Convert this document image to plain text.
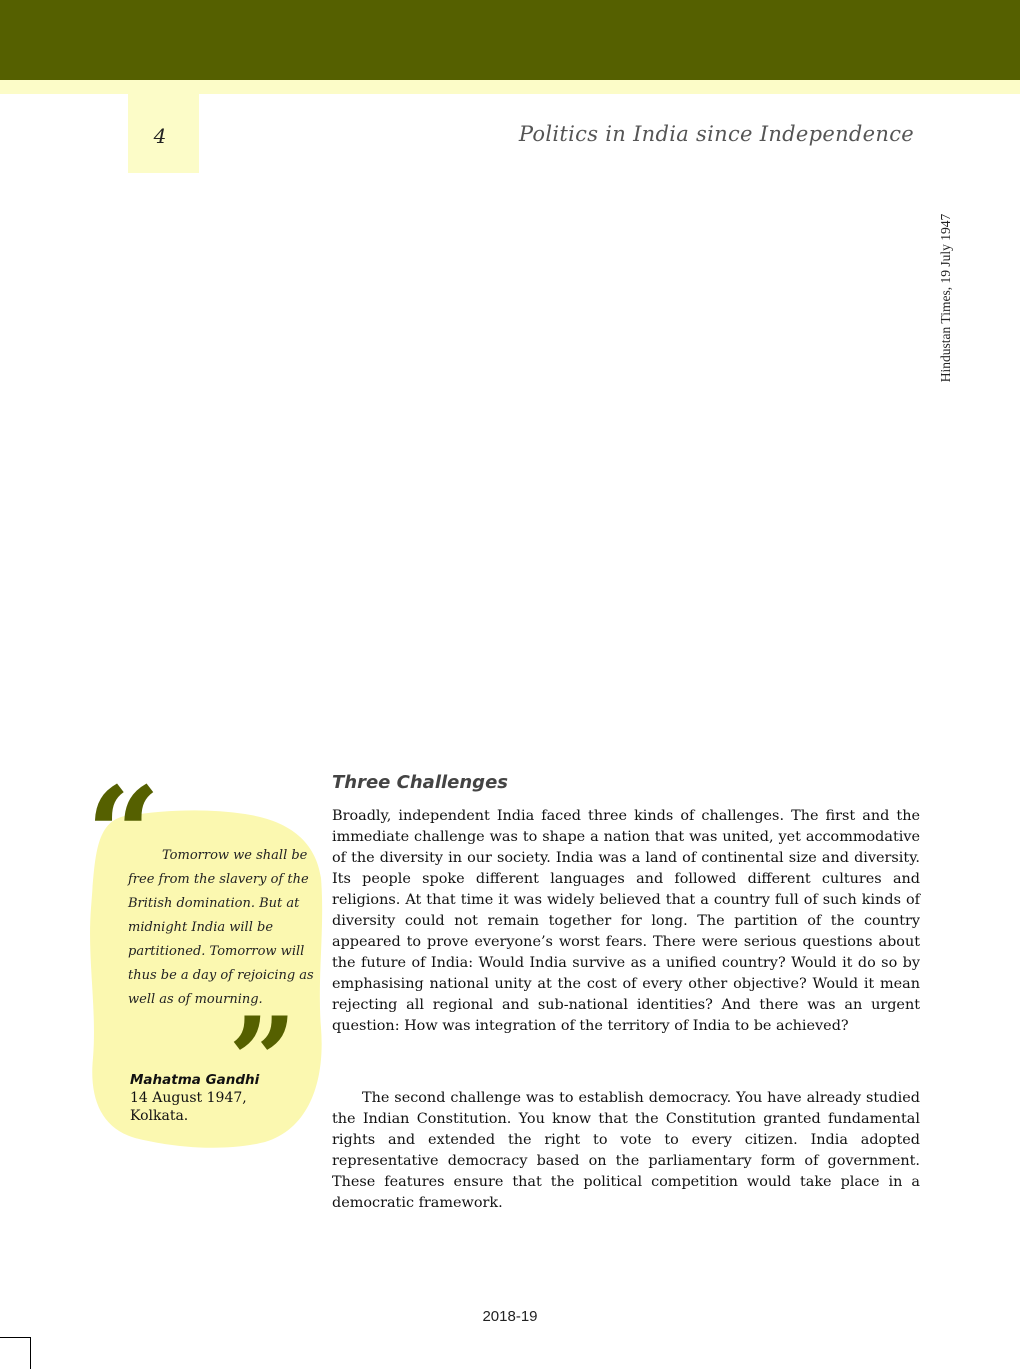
4	Politics in India since Independence
Hindustan Times, 19 July 1947
“ Tomorrow we shall be free from the slavery of the British domination. But at midnight India will be partitioned. Tomorrow will thus be a day of rejoicing as well as of mourning.
”
Mahatma Gandhi
14 August 1947,
Kolkata.
Three Challenges

Broadly, independent India faced three kinds of challenges. The first and the immediate challenge was to shape a nation that was united, yet accommodative of the diversity in our society. India was a land of continental size and diversity. Its people spoke different languages and followed different cultures and religions. At that time it was widely believed that a country full of such kinds of diversity could not remain together for long. The partition of the country appeared to prove everyone’s worst fears. There were serious questions about the future of India: Would India survive as a unified country? Would it do so by emphasising national unity at the cost of every other objective? Would it mean rejecting all regional and sub-national identities? And there was an urgent question: How was integration of the territory of India to be achieved?

The second challenge was to establish democracy. You have already studied the Indian Constitution. You know that the Constitution granted fundamental rights and extended the right to vote to every citizen. India adopted representative democracy based on the parliamentary form of government. These features ensure that the political competition would take place in a democratic framework.

2018-19
